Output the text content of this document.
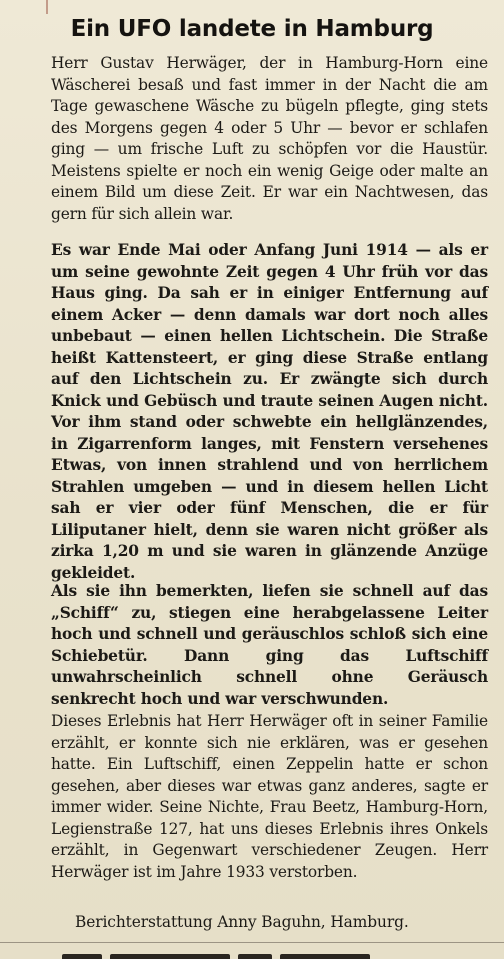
Ein UFO landete in Hamburg

Herr Gustav Herwäger, der in Hamburg-Horn eine Wäscherei besaß und fast immer in der Nacht die am Tage gewaschene Wäsche zu bügeln pflegte, ging stets des Morgens gegen 4 oder 5 Uhr — bevor er schlafen ging — um frische Luft zu schöpfen vor die Haustür. Meistens spielte er noch ein wenig Geige oder malte an einem Bild um diese Zeit. Er war ein Nachtwesen, das gern für sich allein war.

Es war Ende Mai oder Anfang Juni 1914 — als er um seine gewohnte Zeit gegen 4 Uhr früh vor das Haus ging. Da sah er in einiger Entfernung auf einem Acker — denn damals war dort noch alles unbebaut — einen hellen Lichtschein. Die Straße heißt Kattensteert, er ging diese Straße entlang auf den Lichtschein zu. Er zwängte sich durch Knick und Gebüsch und traute seinen Augen nicht. Vor ihm stand oder schwebte ein hellglänzendes, in Zigarrenform langes, mit Fenstern versehenes Etwas, von innen strahlend und von herrlichem Strahlen umgeben — und in diesem hellen Licht sah er vier oder fünf Menschen, die er für Liliputaner hielt, denn sie waren nicht größer als zirka 1,20 m und sie waren in glänzende Anzüge gekleidet.

Als sie ihn bemerkten, liefen sie schnell auf das „Schiff“ zu, stiegen eine herabgelassene Leiter hoch und schnell und geräuschlos schloß sich eine Schiebetür. Dann ging das Luftschiff unwahrscheinlich schnell ohne Geräusch senkrecht hoch und war verschwunden.

Dieses Erlebnis hat Herr Herwäger oft in seiner Familie erzählt, er konnte sich nie erklären, was er gesehen hatte. Ein Luftschiff, einen Zeppelin hatte er schon gesehen, aber dieses war etwas ganz anderes, sagte er immer wider. Seine Nichte, Frau Beetz, Hamburg-Horn, Legienstraße 127, hat uns dieses Erlebnis ihres Onkels erzählt, in Gegenwart verschiedener Zeugen. Herr Herwäger ist im Jahre 1933 verstorben.

Berichterstattung Anny Baguhn, Hamburg.
